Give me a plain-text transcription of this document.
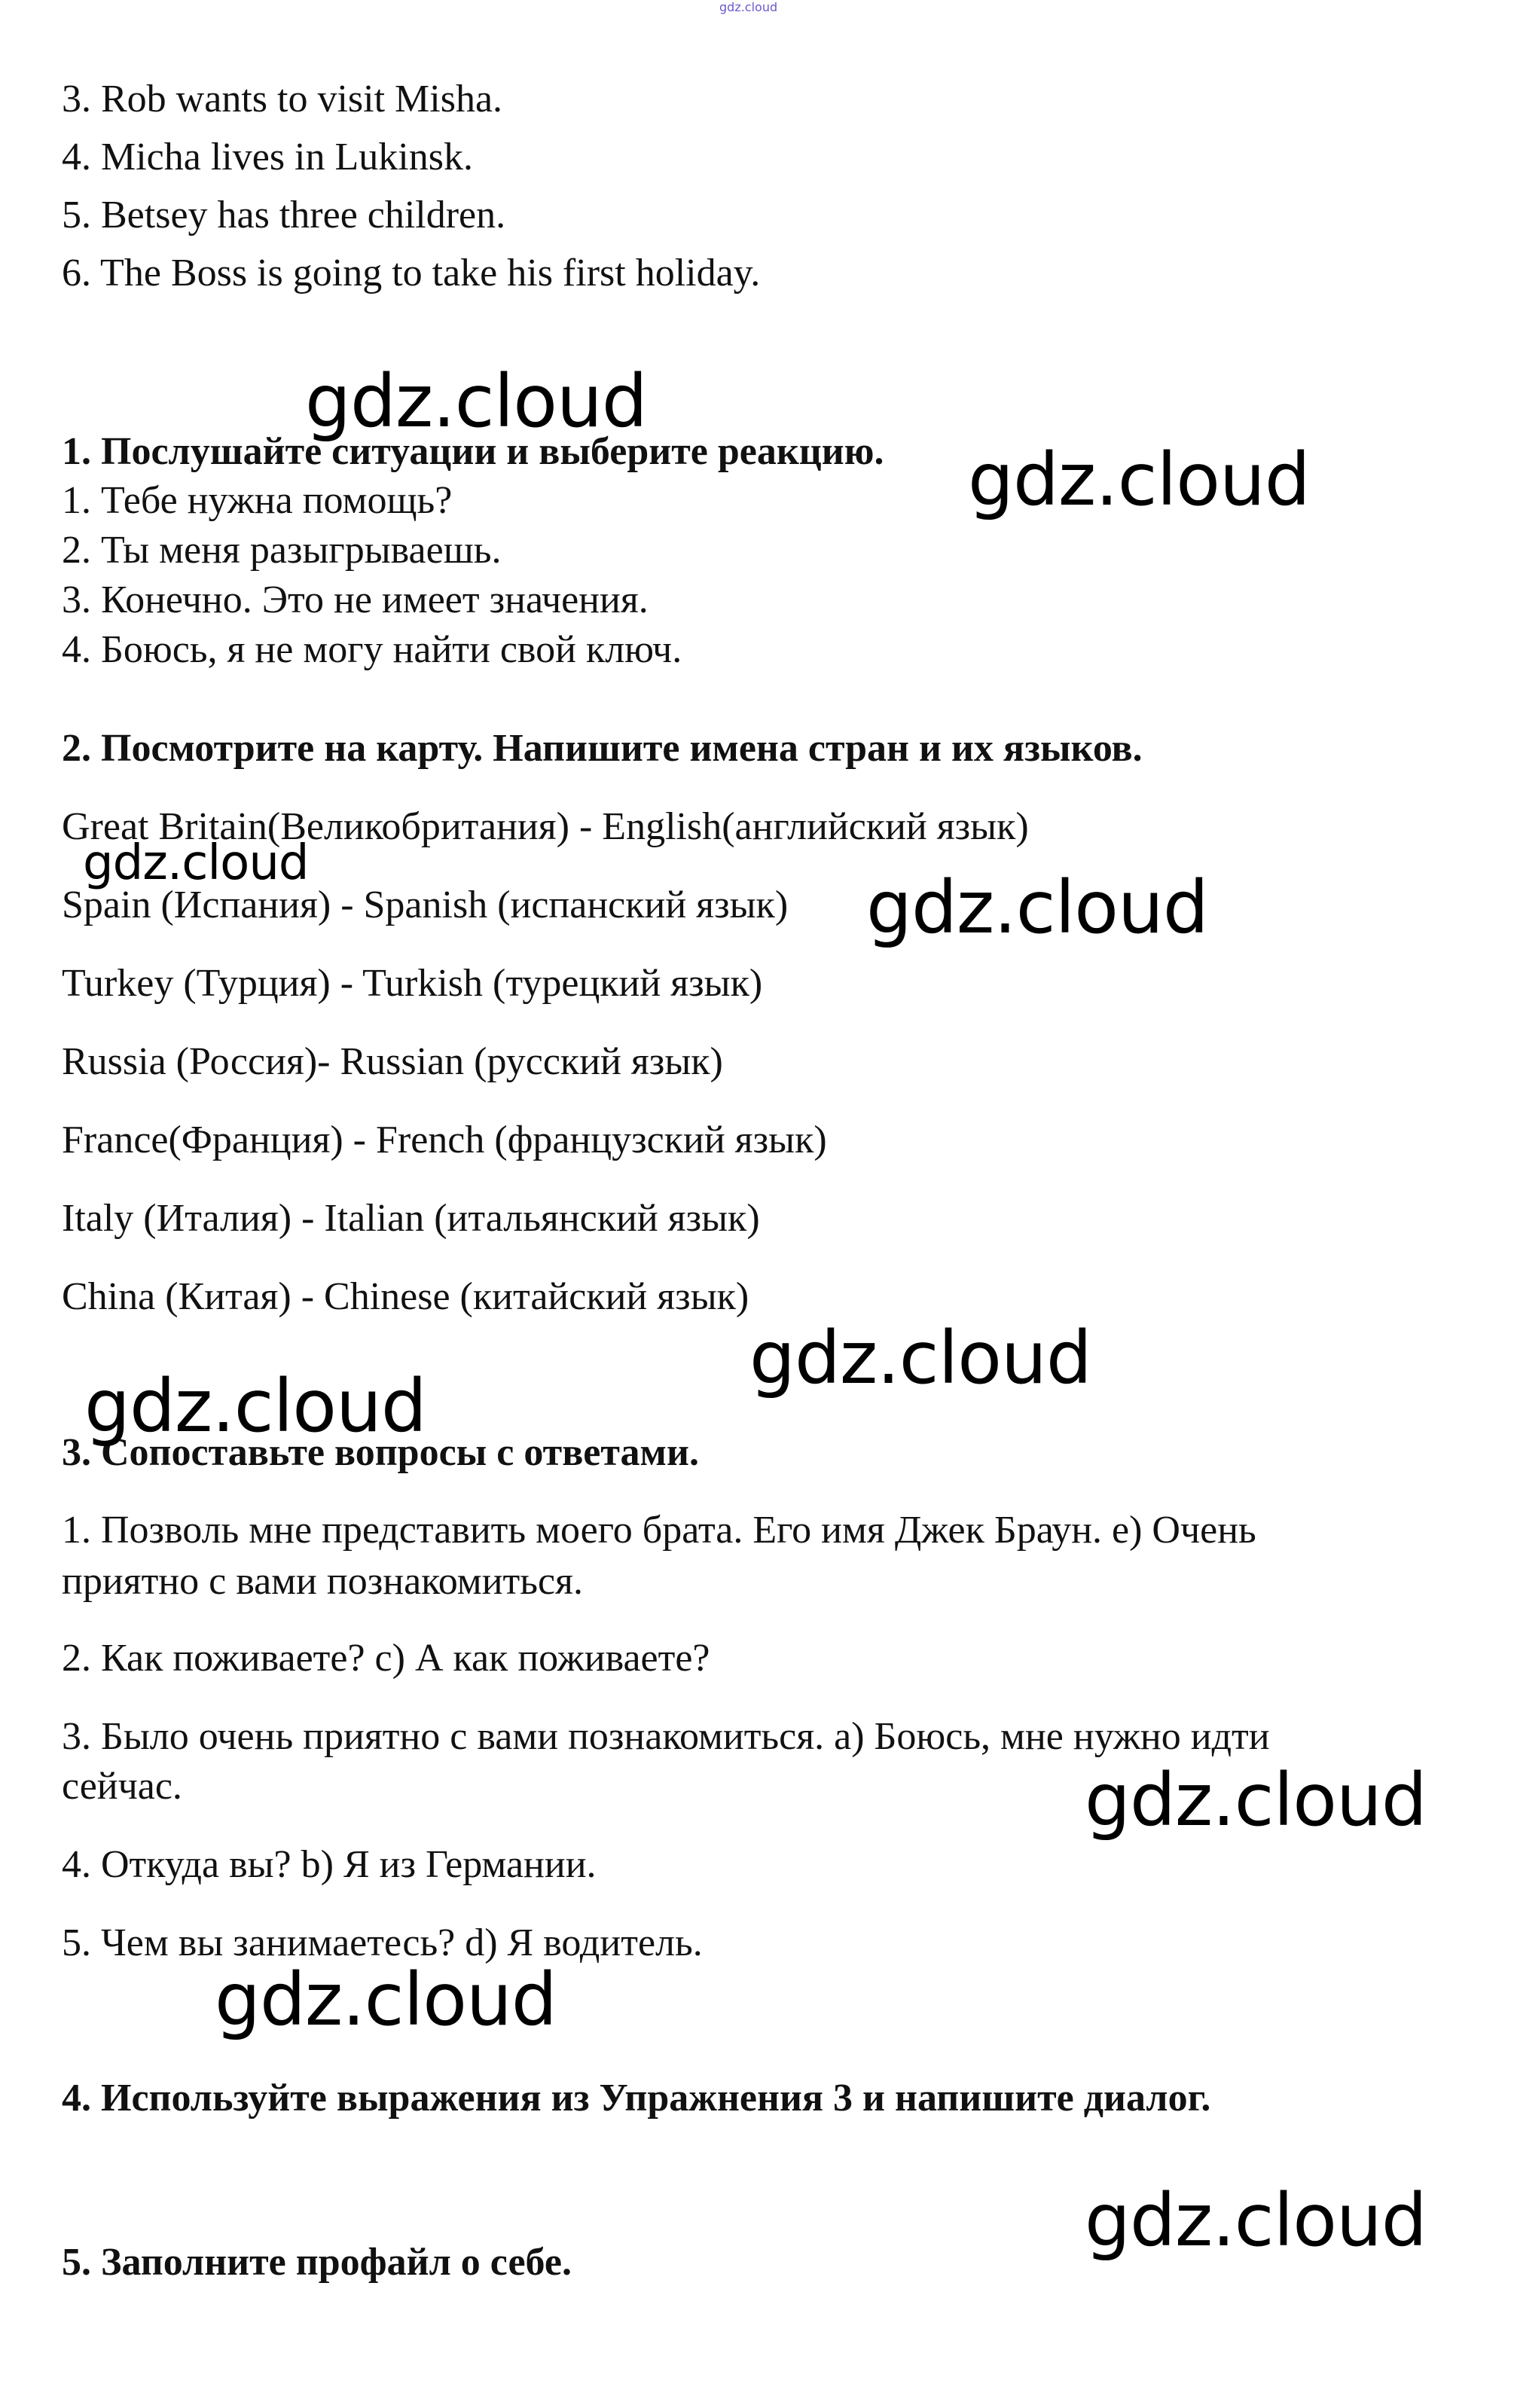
gdz.cloud
3. Rob wants to visit Misha.
4. Micha lives in Lukinsk.
5. Betsey has three children.
6. The Boss is going to take his first holiday.
1. Послушайте ситуации и выберите реакцию.
1. Тебе нужна помощь?
2. Ты меня разыгрываешь.
3. Конечно. Это не имеет значения.
4. Боюсь, я не могу найти свой ключ.
2. Посмотрите на карту. Напишите имена стран и их языков.
Great Britain(Великобритания) - English(английский язык)
Spain (Испания) - Spanish (испанский язык)
Turkey (Турция) - Turkish (турецкий язык)
Russia (Россия)- Russian (русский язык)
France(Франция) - French (французский язык)
Italy (Италия) - Italian (итальянский язык)
China (Китая) - Chinese (китайский язык)
3. Сопоставьте вопросы с ответами.
1. Позволь мне представить моего брата. Его имя Джек Браун. e) Очень
приятно с вами познакомиться.
2. Как поживаете? c) А как поживаете?
3. Было очень приятно с вами познакомиться. a) Боюсь, мне нужно идти
сейчас.
4. Откуда вы? b) Я из Германии.
5. Чем вы занимаетесь? d) Я водитель.
4. Используйте выражения из Упражнения 3 и напишите диалог.
5. Заполните профайл о себе.
gdz.cloud
gdz.cloud
gdz.cloud
gdz.cloud
gdz.cloud
gdz.cloud
gdz.cloud
gdz.cloud
gdz.cloud
